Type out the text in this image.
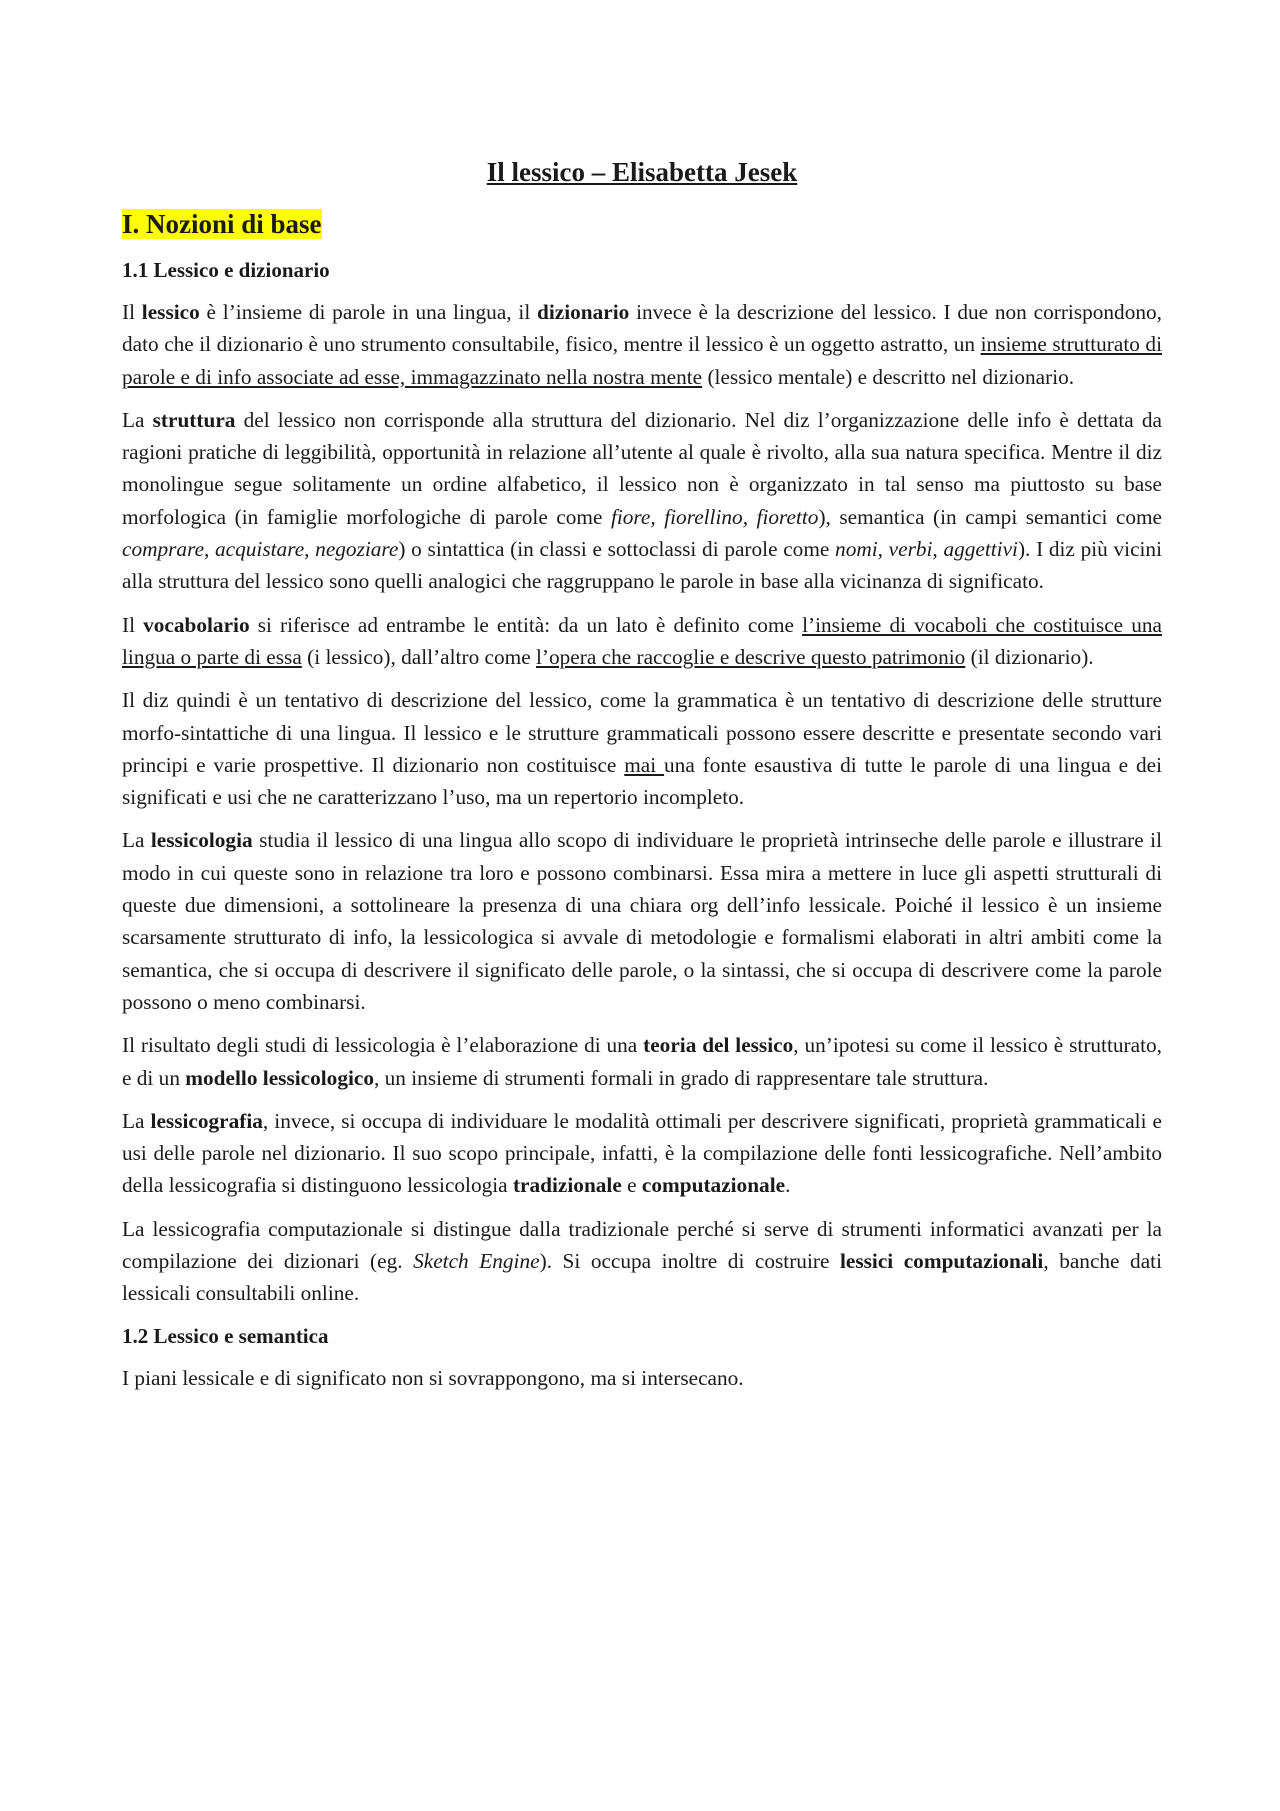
Il lessico – Elisabetta Jesek
I. Nozioni di base
1.1 Lessico e dizionario

Il lessico è l’insieme di parole in una lingua, il dizionario invece è la descrizione del lessico. I due non corrispondono, dato che il dizionario è uno strumento consultabile, fisico, mentre il lessico è un oggetto astratto, un insieme strutturato di parole e di info associate ad esse, immagazzinato nella nostra mente (lessico mentale) e descritto nel dizionario.

La struttura del lessico non corrisponde alla struttura del dizionario. Nel diz l’organizzazione delle info è dettata da ragioni pratiche di leggibilità, opportunità in relazione all’utente al quale è rivolto, alla sua natura specifica. Mentre il diz monolingue segue solitamente un ordine alfabetico, il lessico non è organizzato in tal senso ma piuttosto su base morfologica (in famiglie morfologiche di parole come fiore, fiorellino, fioretto), semantica (in campi semantici come comprare, acquistare, negoziare) o sintattica (in classi e sottoclassi di parole come nomi, verbi, aggettivi). I diz più vicini alla struttura del lessico sono quelli analogici che raggruppano le parole in base alla vicinanza di significato.

Il vocabolario si riferisce ad entrambe le entità: da un lato è definito come l’insieme di vocaboli che costituisce una lingua o parte di essa (i lessico), dall’altro come l’opera che raccoglie e descrive questo patrimonio (il dizionario).

Il diz quindi è un tentativo di descrizione del lessico, come la grammatica è un tentativo di descrizione delle strutture morfo-sintattiche di una lingua. Il lessico e le strutture grammaticali possono essere descritte e presentate secondo vari principi e varie prospettive. Il dizionario non costituisce mai una fonte esaustiva di tutte le parole di una lingua e dei significati e usi che ne caratterizzano l’uso, ma un repertorio incompleto.

La lessicologia studia il lessico di una lingua allo scopo di individuare le proprietà intrinseche delle parole e illustrare il modo in cui queste sono in relazione tra loro e possono combinarsi. Essa mira a mettere in luce gli aspetti strutturali di queste due dimensioni, a sottolineare la presenza di una chiara org dell’info lessicale. Poiché il lessico è un insieme scarsamente strutturato di info, la lessicologica si avvale di metodologie e formalismi elaborati in altri ambiti come la semantica, che si occupa di descrivere il significato delle parole, o la sintassi, che si occupa di descrivere come la parole possono o meno combinarsi.

Il risultato degli studi di lessicologia è l’elaborazione di una teoria del lessico, un’ipotesi su come il lessico è strutturato, e di un modello lessicologico, un insieme di strumenti formali in grado di rappresentare tale struttura.

La lessicografia, invece, si occupa di individuare le modalità ottimali per descrivere significati, proprietà grammaticali e usi delle parole nel dizionario. Il suo scopo principale, infatti, è la compilazione delle fonti lessicografiche. Nell’ambito della lessicografia si distinguono lessicologia tradizionale e computazionale.

La lessicografia computazionale si distingue dalla tradizionale perché si serve di strumenti informatici avanzati per la compilazione dei dizionari (eg. Sketch Engine). Si occupa inoltre di costruire lessici computazionali, banche dati lessicali consultabili online.

1.2 Lessico e semantica

I piani lessicale e di significato non si sovrappongono, ma si intersecano.
